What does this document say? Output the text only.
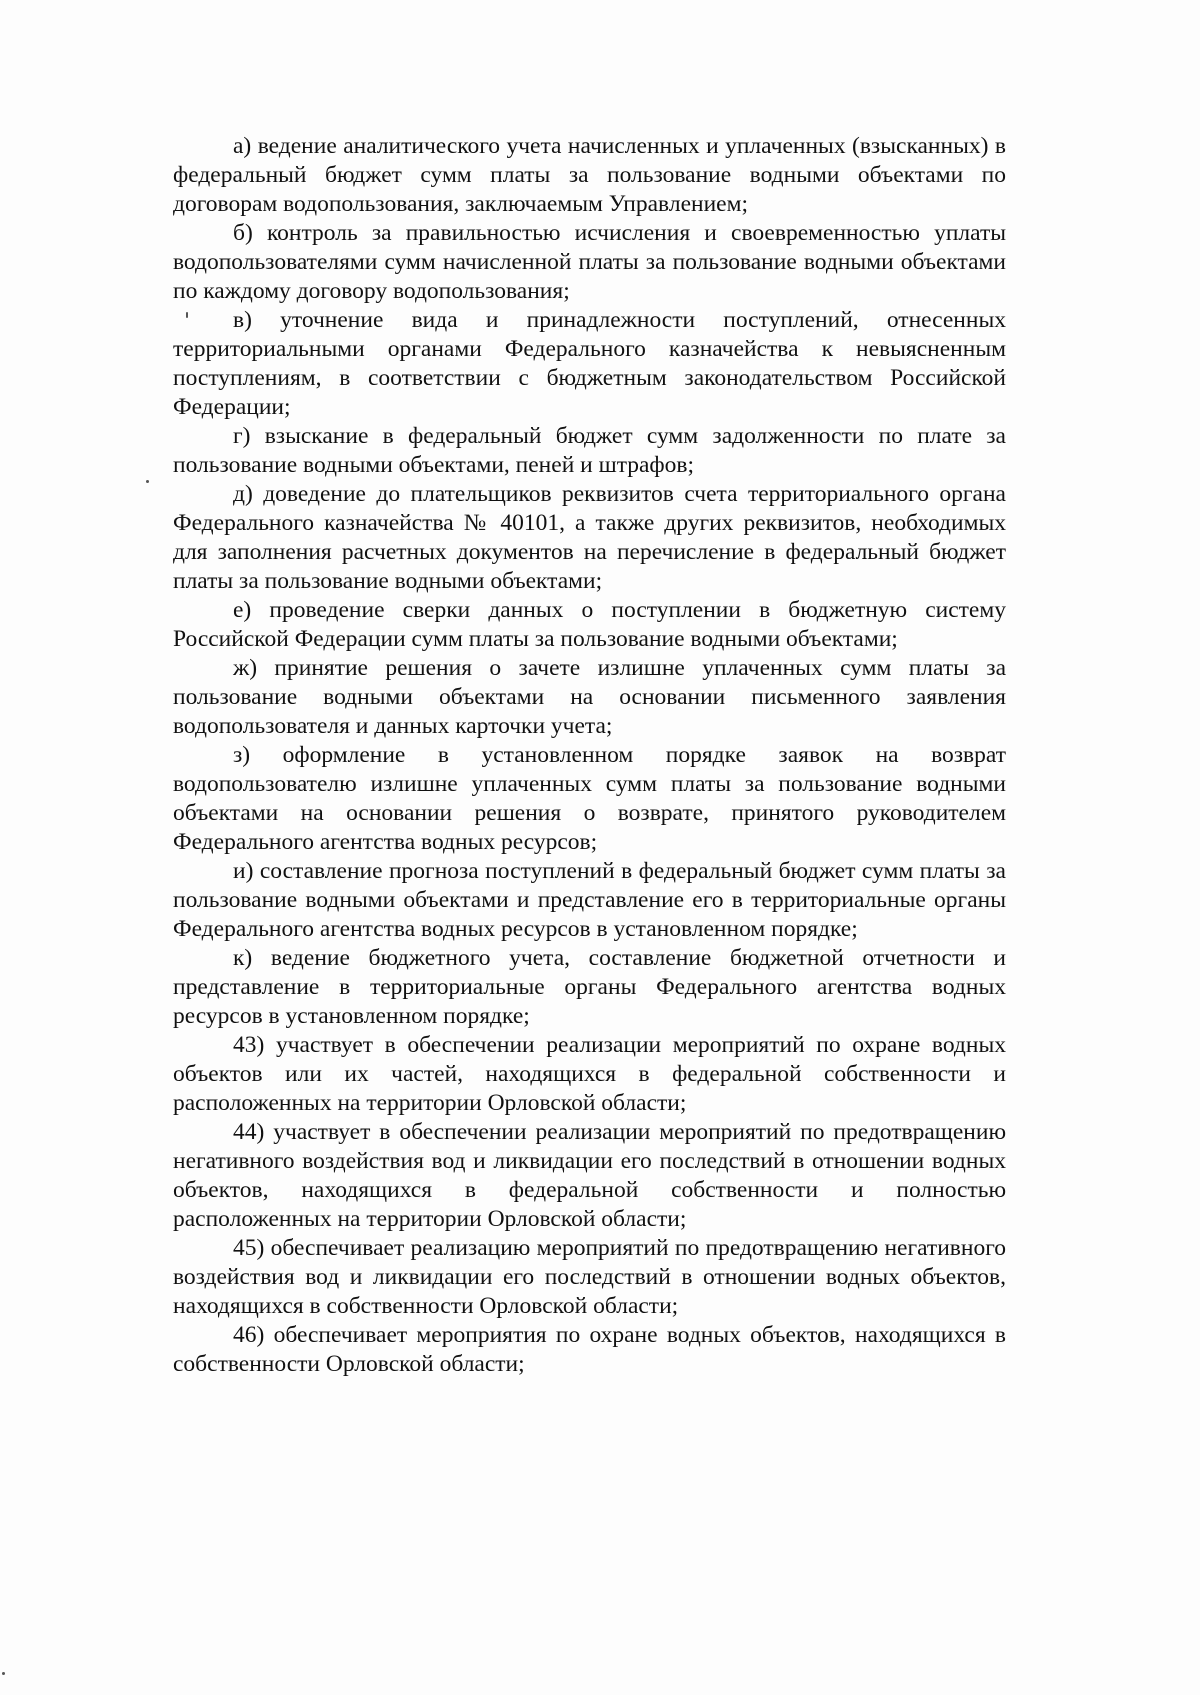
а) ведение аналитического учета начисленных и уплаченных (взысканных) в федеральный бюджет сумм платы за пользование водными объектами по договорам водопользования, заключаемым Управлением;

б) контроль за правильностью исчисления и своевременностью уплаты водопользователями сумм начисленной платы за пользование водными объектами по каждому договору водопользования;

в) уточнение вида и принадлежности поступлений, отнесенных территориальными органами Федерального казначейства к невыясненным поступлениям, в соответствии с бюджетным законодательством Российской Федерации;

г) взыскание в федеральный бюджет сумм задолженности по плате за пользование водными объектами, пеней и штрафов;

д) доведение до плательщиков реквизитов счета территориального органа Федерального казначейства № 40101, а также других реквизитов, необходимых для заполнения расчетных документов на перечисление в федеральный бюджет платы за пользование водными объектами;

е) проведение сверки данных о поступлении в бюджетную систему Российской Федерации сумм платы за пользование водными объектами;

ж) принятие решения о зачете излишне уплаченных сумм платы за пользование водными объектами на основании письменного заявления водопользователя и данных карточки учета;

з) оформление в установленном порядке заявок на возврат водопользователю излишне уплаченных сумм платы за пользование водными объектами на основании решения о возврате, принятого руководителем Федерального агентства водных ресурсов;

и) составление прогноза поступлений в федеральный бюджет сумм платы за пользование водными объектами и представление его в территориальные органы Федерального агентства водных ресурсов в установленном порядке;

к) ведение бюджетного учета, составление бюджетной отчетности и представление в территориальные органы Федерального агентства водных ресурсов в установленном порядке;

43) участвует в обеспечении реализации мероприятий по охране водных объектов или их частей, находящихся в федеральной собственности и расположенных на территории Орловской области;

44) участвует в обеспечении реализации мероприятий по предотвращению негативного воздействия вод и ликвидации его последствий в отношении водных объектов, находящихся в федеральной собственности и полностью расположенных на территории Орловской области;

45) обеспечивает реализацию мероприятий по предотвращению негативного воздействия вод и ликвидации его последствий в отношении водных объектов, находящихся в собственности Орловской области;

46) обеспечивает мероприятия по охране водных объектов, находящихся в собственности Орловской области;
